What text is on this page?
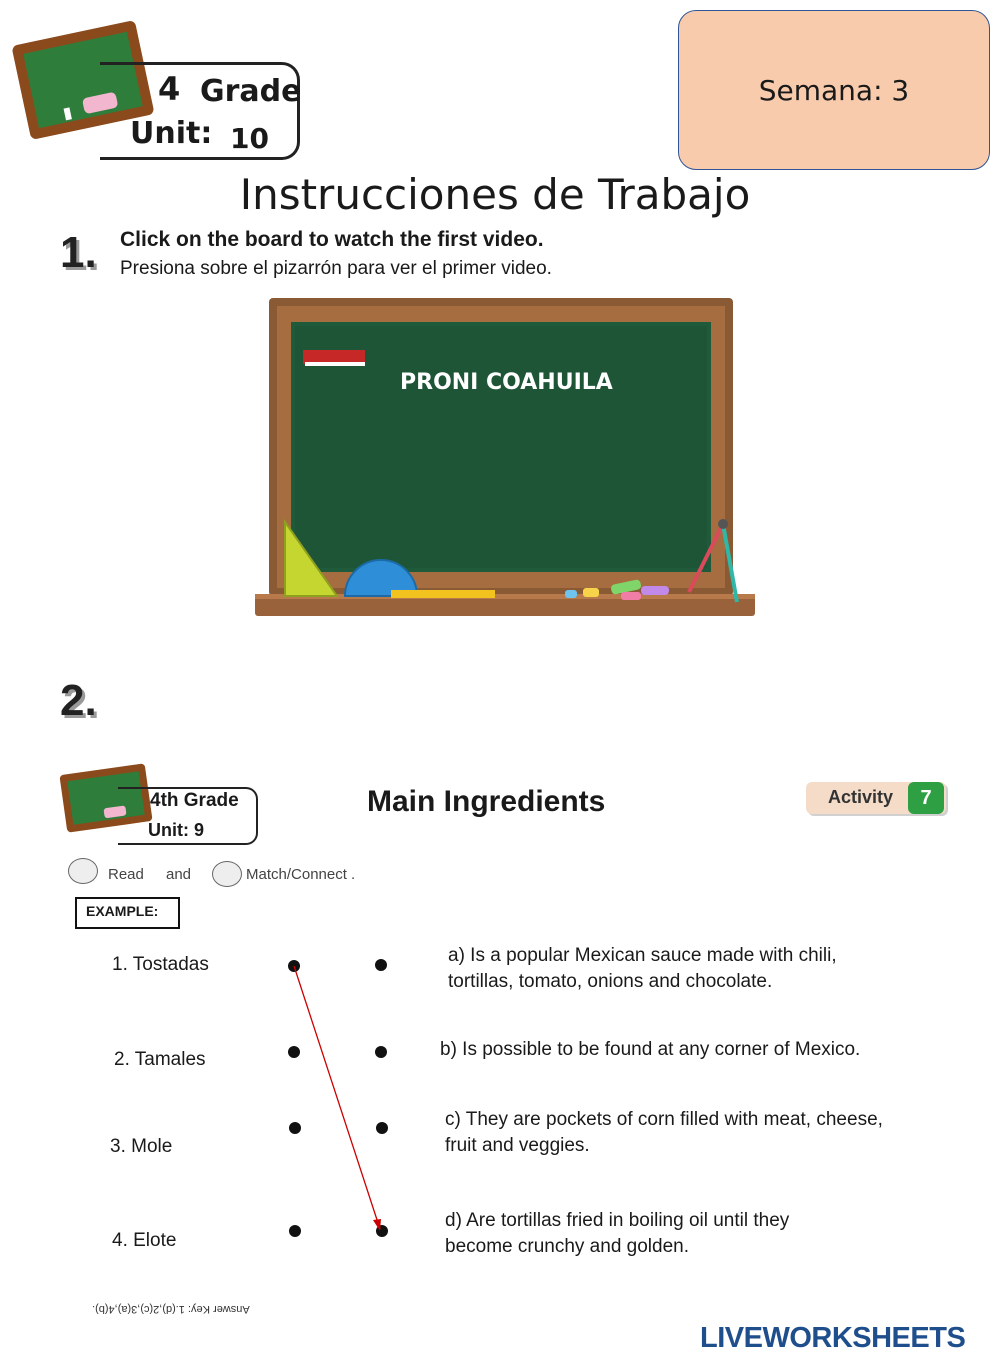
4 Grade
Unit: 10
Semana: 3
Instrucciones de Trabajo
1. Click on the board to watch the first video.
Presiona sobre el pizarrón para ver el primer video.
PRONI COAHUILA
2.
4th Grade
Unit: 9
Main Ingredients	Activity	7
Read and	Match/Connect .
EXAMPLE:
1. Tostadas
2. Tamales
3. Mole
4. Elote
a) Is a popular Mexican sauce made with chili,
tortillas, tomato, onions and chocolate.
b) Is possible to be found at any corner of Mexico.
c) They are pockets of corn filled with meat, cheese,
fruit and veggies.
d) Are tortillas fried in boiling oil until they
become crunchy and golden.
Answer Key: 1.(d),2(c),3(a),4(b).
LIVEWORKSHEETS
